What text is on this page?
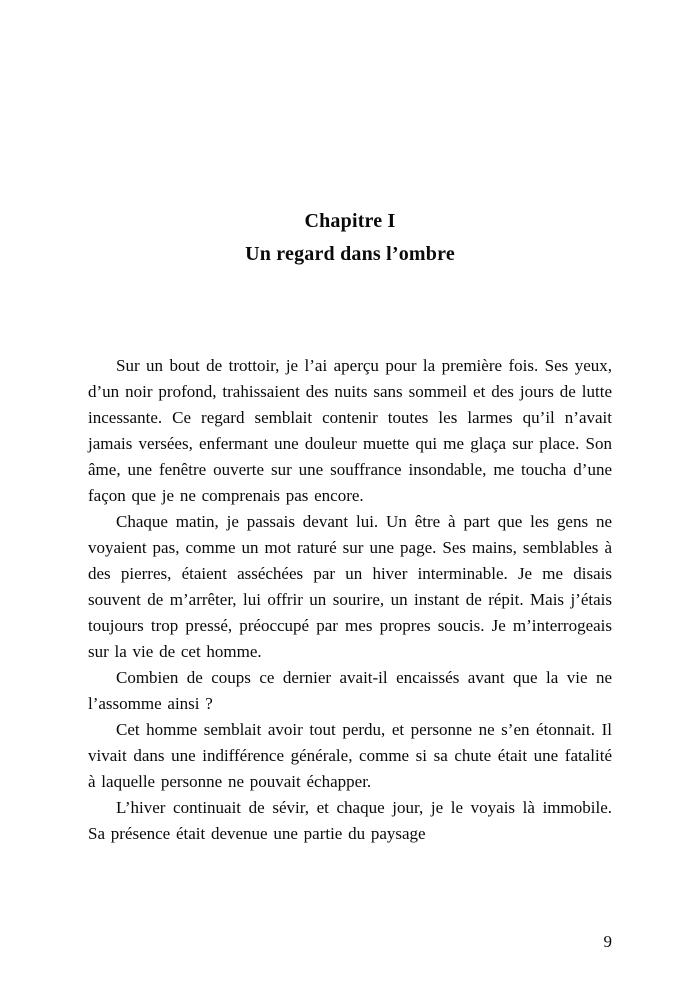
Chapitre I
Un regard dans l’ombre

Sur un bout de trottoir, je l’ai aperçu pour la première fois. Ses yeux, d’un noir profond, trahissaient des nuits sans sommeil et des jours de lutte incessante. Ce regard semblait contenir toutes les larmes qu’il n’avait jamais versées, enfermant une douleur muette qui me glaça sur place. Son âme, une fenêtre ouverte sur une souffrance insondable, me toucha d’une façon que je ne comprenais pas encore.

Chaque matin, je passais devant lui. Un être à part que les gens ne voyaient pas, comme un mot raturé sur une page. Ses mains, semblables à des pierres, étaient asséchées par un hiver interminable. Je me disais souvent de m’arrêter, lui offrir un sourire, un instant de répit. Mais j’étais toujours trop pressé, préoccupé par mes propres soucis. Je m’interrogeais sur la vie de cet homme.

Combien de coups ce dernier avait-il encaissés avant que la vie ne l’assomme ainsi ?

Cet homme semblait avoir tout perdu, et personne ne s’en étonnait. Il vivait dans une indifférence générale, comme si sa chute était une fatalité à laquelle personne ne pouvait échapper.

L’hiver continuait de sévir, et chaque jour, je le voyais là immobile. Sa présence était devenue une partie du paysage

9
